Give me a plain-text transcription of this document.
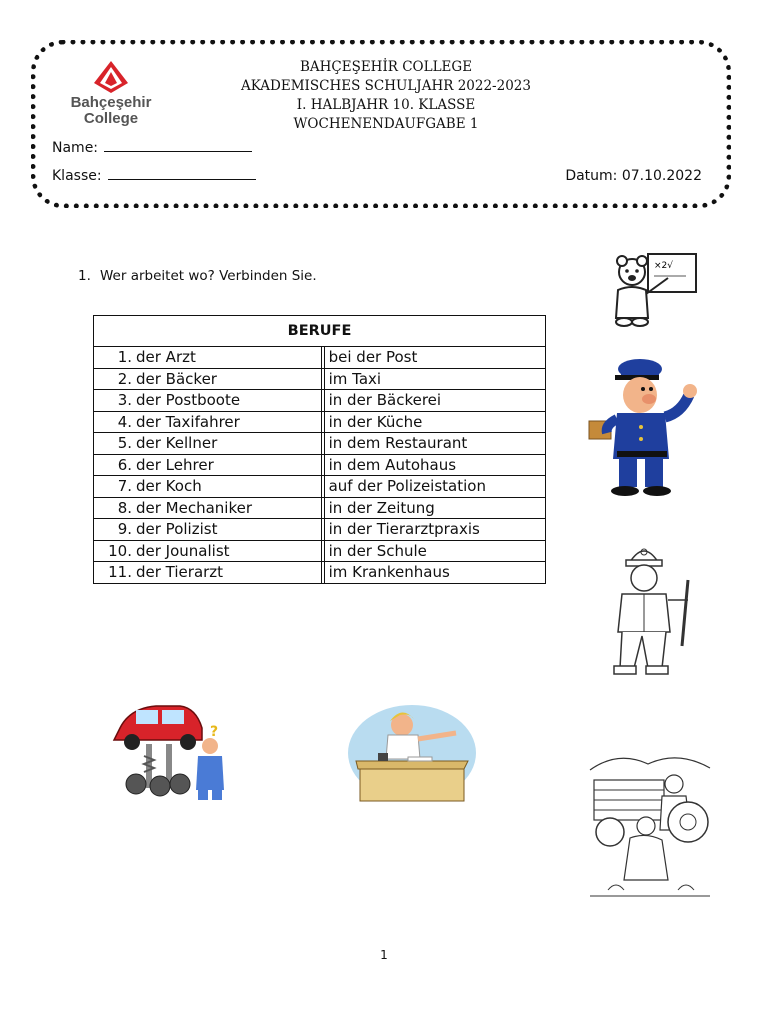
Bahçeşehir
College
BAHÇEŞEHİR COLLEGE
AKADEMISCHES SCHULJAHR 2022-2023
I. HALBJAHR 10. KLASSE
WOCHENENDAUFGABE 1
Name:
Klasse:	Datum: 07.10.2022
1. Wer arbeitet wo? Verbinden Sie.
BERUFE		
1. der Arzt		bei der Post
2. der Bäcker		im Taxi
3. der Postboote		in der Bäckerei
4. der Taxifahrer		in der Küche
5. der Kellner		in dem Restaurant
6. der Lehrer		in dem Autohaus
7. der Koch		auf der Polizeistation
8. der Mechaniker		in der Zeitung
9. der Polizist		in der Tierarztpraxis
10. der Jounalist		in der Schule
11. der Tierarzt		im Krankenhaus
×2√
?
1
